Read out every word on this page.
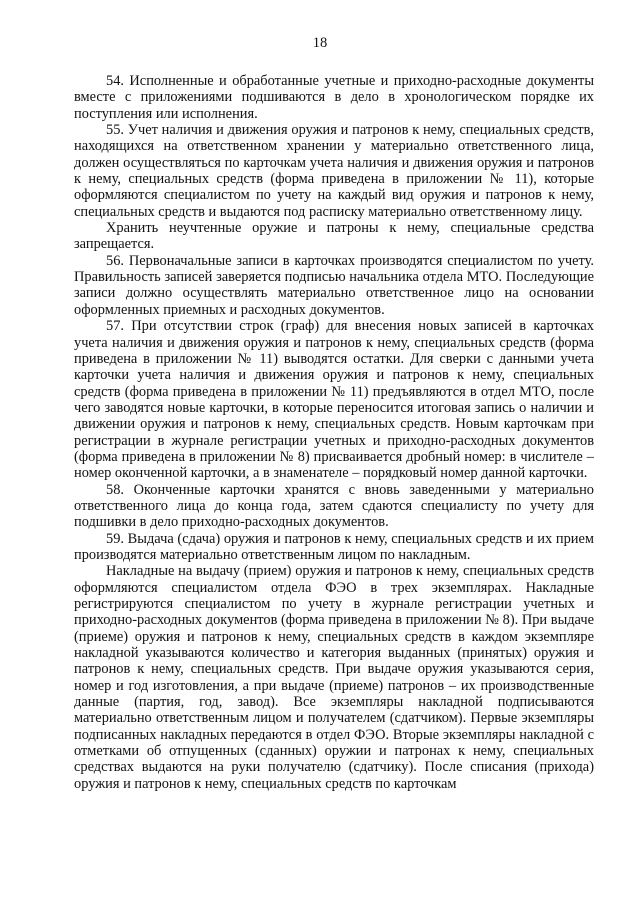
18

54. Исполненные и обработанные учетные и приходно-расходные документы вместе с приложениями подшиваются в дело в хронологическом порядке их поступления или исполнения.

55. Учет наличия и движения оружия и патронов к нему, специальных средств, находящихся на ответственном хранении у материально ответственного лица, должен осуществляться по карточкам учета наличия и движения оружия и патронов к нему, специальных средств (форма приведена в приложении № 11), которые оформляются специалистом по учету на каждый вид оружия и патронов к нему, специальных средств и выдаются под расписку материально ответственному лицу.

Хранить неучтенные оружие и патроны к нему, специальные средства запрещается.

56. Первоначальные записи в карточках производятся специалистом по учету. Правильность записей заверяется подписью начальника отдела МТО. Последующие записи должно осуществлять материально ответственное лицо на основании оформленных приемных и расходных документов.

57. При отсутствии строк (граф) для внесения новых записей в карточках учета наличия и движения оружия и патронов к нему, специальных средств (форма приведена в приложении № 11) выводятся остатки. Для сверки с данными учета карточки учета наличия и движения оружия и патронов к нему, специальных средств (форма приведена в приложении № 11) предъявляются в отдел МТО, после чего заводятся новые карточки, в которые переносится итоговая запись о наличии и движении оружия и патронов к нему, специальных средств. Новым карточкам при регистрации в журнале регистрации учетных и приходно-расходных документов (форма приведена в приложении № 8) присваивается дробный номер: в числителе – номер оконченной карточки, а в знаменателе – порядковый номер данной карточки.

58. Оконченные карточки хранятся с вновь заведенными у материально ответственного лица до конца года, затем сдаются специалисту по учету для подшивки в дело приходно-расходных документов.

59. Выдача (сдача) оружия и патронов к нему, специальных средств и их прием производятся материально ответственным лицом по накладным.

Накладные на выдачу (прием) оружия и патронов к нему, специальных средств оформляются специалистом отдела ФЭО в трех экземплярах. Накладные регистрируются специалистом по учету в журнале регистрации учетных и приходно-расходных документов (форма приведена в приложении № 8). При выдаче (приеме) оружия и патронов к нему, специальных средств в каждом экземпляре накладной указываются количество и категория выданных (принятых) оружия и патронов к нему, специальных средств. При выдаче оружия указываются серия, номер и год изготовления, а при выдаче (приеме) патронов – их производственные данные (партия, год, завод). Все экземпляры накладной подписываются материально ответственным лицом и получателем (сдатчиком). Первые экземпляры подписанных накладных передаются в отдел ФЭО. Вторые экземпляры накладной с отметками об отпущенных (сданных) оружии и патронах к нему, специальных средствах выдаются на руки получателю (сдатчику). После списания (прихода) оружия и патронов к нему, специальных средств по карточкам
